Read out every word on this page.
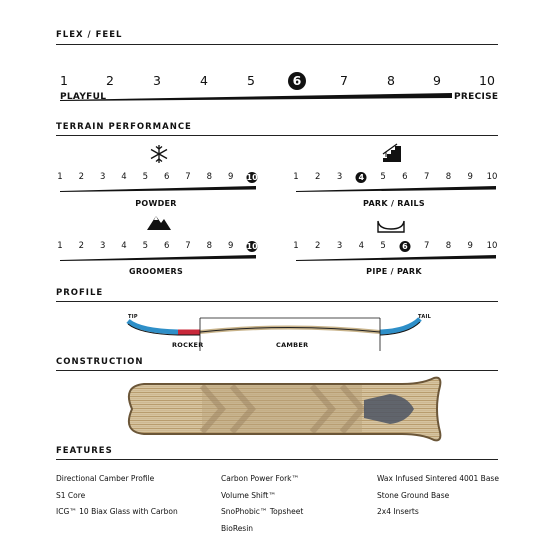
FLEX / FEEL
1	2	3	4	5	6	7	8	9	10
PLAYFUL	PRECISE
TERRAIN PERFORMANCE
1 2 3 4 5 6 7 8 9 10
POWDER
1 2 3	4	5 6 7 8 9 10
PARK / RAILS
1 2 3 4 5 6 7 8 9 10
GROOMERS
1 2 3 4 5	6	7 8 9 10
PIPE / PARK
PROFILE
TIP	TAIL
ROCKER	CAMBER
CONSTRUCTION
FEATURES
Directional Camber Profile
S1 Core
ICG™ 10 Biax Glass with Carbon
Carbon Power Fork™
Volume Shift™
SnoPhobic™ Topsheet
BioResin
Wax Infused Sintered 4001 Base
Stone Ground Base
2x4 Inserts
